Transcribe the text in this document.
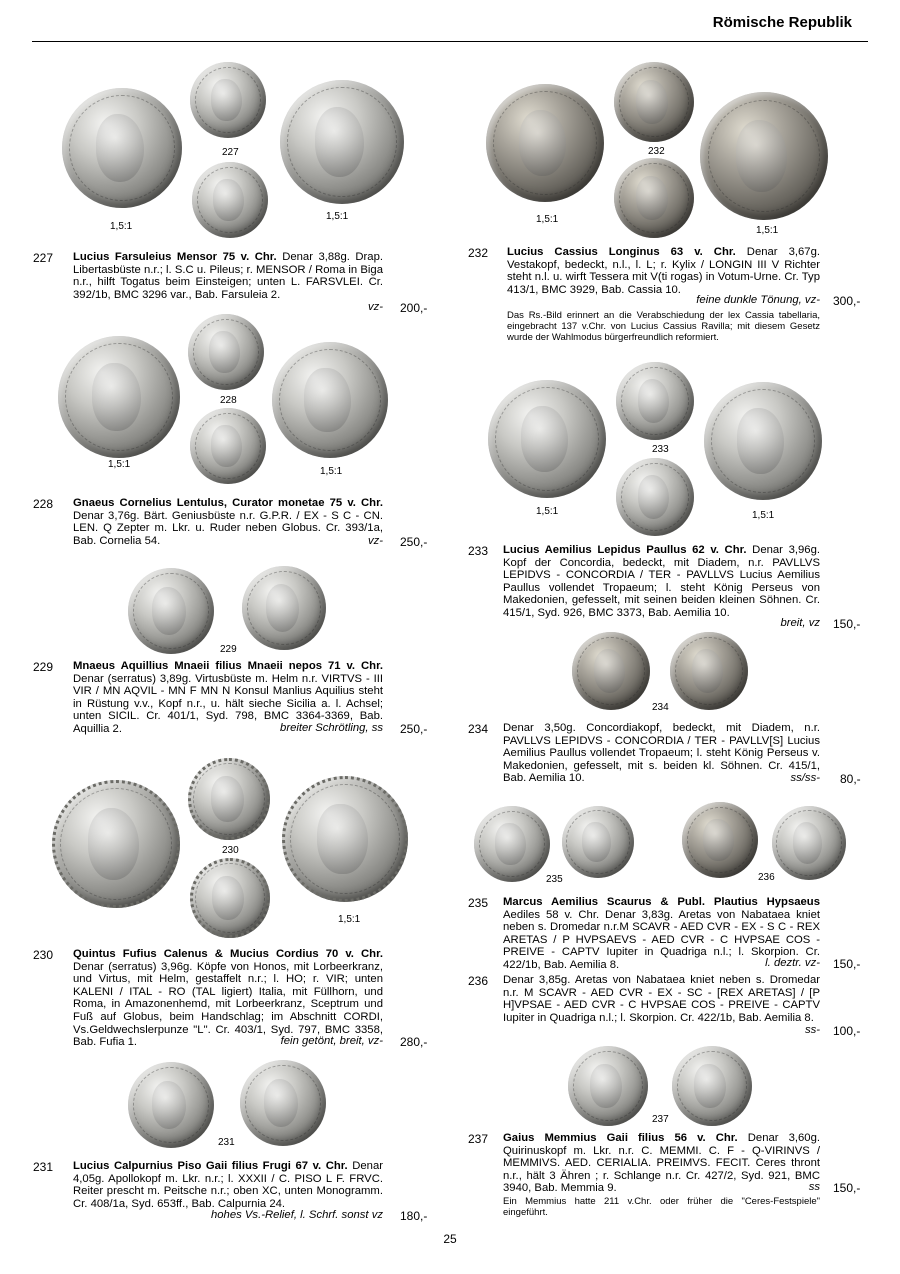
Römische Republik
227
1,5:1
1,5:1
227 Lucius Farsuleius Mensor 75 v. Chr. Denar 3,88g. Drap. Libertasbüste n.r.; l. S.C u. Pileus; r. MENSOR / Roma in Biga n.r., hilft Togatus beim Einsteigen; unten L. FARSVLEI. Cr. 392/1b, BMC 3296 var., Bab. Farsuleia 2.
vz- 200,-
228
1,5:1
1,5:1
228 Gnaeus Cornelius Lentulus, Curator monetae 75 v. Chr. Denar 3,76g. Bärt. Geniusbüste n.r. G.P.R. / EX - S C - CN. LEN. Q Zepter m. Lkr. u. Ruder neben Globus. Cr. 393/1a, Bab. Cornelia 54.	vz- 250,-
229
229 Mnaeus Aquillius Mnaeii filius Mnaeii nepos 71 v. Chr. Denar (serratus) 3,89g. Virtusbüste m. Helm n.r. VIRTVS - III VIR / MN AQVIL - MN F MN N Konsul Manlius Aquilius steht in Rüstung v.v., Kopf n.r., u. hält sieche Sicilia a. l. Achsel; unten SICIL. Cr. 401/1, Syd. 798, BMC 3364-3369, Bab. Aquillia 2.	breiter Schrötling, ss 250,-
230
1,5:1
230 Quintus Fufius Calenus & Mucius Cordius 70 v. Chr. Denar (serratus) 3,96g. Köpfe von Honos, mit Lorbeerkranz, und Virtus, mit Helm, gestaffelt n.r.; l. HO; r. VIR; unten KALENI / ITAL - RO (TAL ligiert) Italia, mit Füllhorn, und Roma, in Amazonenhemd, mit Lorbeerkranz, Sceptrum und Fuß auf Globus, beim Handschlag; im Abschnitt CORDI, Vs.Geldwechslerpunze "L". Cr. 403/1, Syd. 797, BMC 3358, Bab. Fufia 1.	fein getönt, breit, vz- 280,-
231
231 Lucius Calpurnius Piso Gaii filius Frugi 67 v. Chr. Denar 4,05g. Apollokopf m. Lkr. n.r.; l. XXXII / C. PISO L F. FRVC. Reiter prescht m. Peitsche n.r.; oben XC, unten Monogramm. Cr. 408/1a, Syd. 653ff., Bab. Calpurnia 24.
hohes Vs.-Relief, l. Schrf. sonst vz 180,-
232
1,5:1
1,5:1
232 Lucius Cassius Longinus 63 v. Chr. Denar 3,67g. Vestakopf, bedeckt, n.l., l. L; r. Kylix / LONGIN III V Richter steht n.l. u. wirft Tessera mit V(ti rogas) in Votum-Urne. Cr. Typ 413/1, BMC 3929, Bab. Cassia 10.
feine dunkle Tönung, vz- 300,-
Das Rs.-Bild erinnert an die Verabschiedung der lex Cassia tabellaria, eingebracht 137 v.Chr. von Lucius Cassius Ravilla; mit diesem Gesetz wurde der Wahlmodus bürgerfreundlich reformiert.
233
1,5:1	1,5:1
233 Lucius Aemilius Lepidus Paullus 62 v. Chr. Denar 3,96g. Kopf der Concordia, bedeckt, mit Diadem, n.r. PAVLLVS LEPIDVS - CONCORDIA / TER - PAVLLVS Lucius Aemilius Paullus vollendet Tropaeum; l. steht König Perseus von Makedonien, gefesselt, mit seinen beiden kleinen Söhnen. Cr. 415/1, Syd. 926, BMC 3373, Bab. Aemilia 10.
breit, vz 150,-
234
234 Denar 3,50g. Concordiakopf, bedeckt, mit Diadem, n.r. PAVLLVS LEPIDVS - CONCORDIA / TER - PAVLLV[S] Lucius Aemilius Paullus vollendet Tropaeum; l. steht König Perseus v. Makedonien, gefesselt, mit s. beiden kl. Söhnen. Cr. 415/1, Bab. Aemilia 10.	ss/ss- 80,-
235	236
235 Marcus Aemilius Scaurus & Publ. Plautius Hypsaeus Aediles 58 v. Chr. Denar 3,83g. Aretas von Nabataea kniet neben s. Dromedar n.r.M SCAVR - AED CVR - EX - S C - REX ARETAS / P HVPSAEVS - AED CVR - C HVPSAE COS - PREIVE - CAPTV Iupiter in Quadriga n.l.; l. Skorpion. Cr. 422/1b, Bab. Aemilia 8.	l. deztr. vz- 150,-
236 Denar 3,85g. Aretas von Nabataea kniet neben s. Dromedar n.r. M SCAVR - AED CVR - EX - SC - [REX ARETAS] / [P H]VPSAE - AED CVR - C HVPSAE COS - PREIVE - CAPTV Iupiter in Quadriga n.l.; l. Skorpion. Cr. 422/1b, Bab. Aemilia 8.
ss- 100,-
237
237 Gaius Memmius Gaii filius 56 v. Chr. Denar 3,60g. Quirinuskopf m. Lkr. n.r. C. MEMMI. C. F - Q-VIRINVS / MEMMIVS. AED. CERIALIA. PREIMVS. FECIT. Ceres thront n.r., hält 3 Ähren ; r. Schlange n.r. Cr. 427/2, Syd. 921, BMC 3940, Bab. Memmia 9.	ss 150,-
Ein Memmius hatte 211 v.Chr. oder früher die "Ceres-Festspiele" eingeführt.
25
